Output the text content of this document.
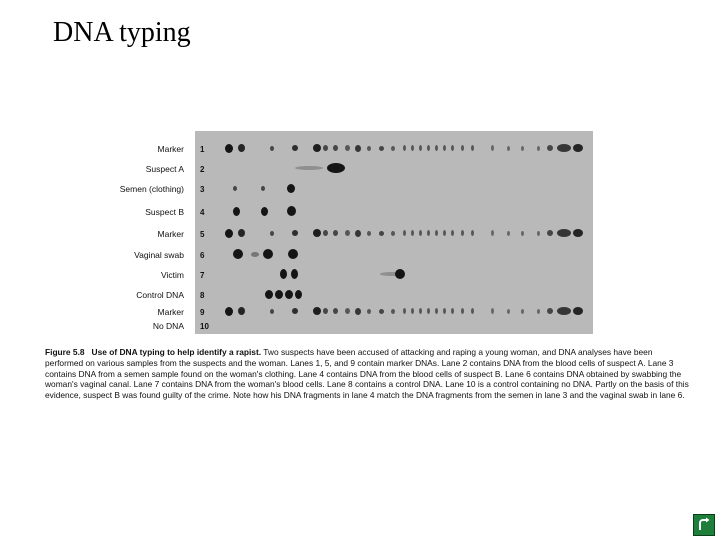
DNA typing
Marker
Suspect A
Semen (clothing)
Suspect B
Marker
Vaginal swab
Victim
Control DNA
Marker
No DNA
1
2
3
4
5
6
7
8
9
10
Figure 5.8 Use of DNA typing to help identify a rapist. Two suspects have been accused of attacking and raping a young woman, and DNA analyses have been performed on various samples from the suspects and the woman. Lanes 1, 5, and 9 contain marker DNAs. Lane 2 contains DNA from the blood cells of suspect A. Lane 3 contains DNA from a semen sample found on the woman's clothing. Lane 4 contains DNA from the blood cells of suspect B. Lane 6 contains DNA obtained by swabbing the woman's vaginal canal. Lane 7 contains DNA from the woman's blood cells. Lane 8 contains a control DNA. Lane 10 is a control containing no DNA. Partly on the basis of this evidence, suspect B was found guilty of the crime. Note how his DNA fragments in lane 4 match the DNA fragments from the semen in lane 3 and the vaginal swab in lane 6.
